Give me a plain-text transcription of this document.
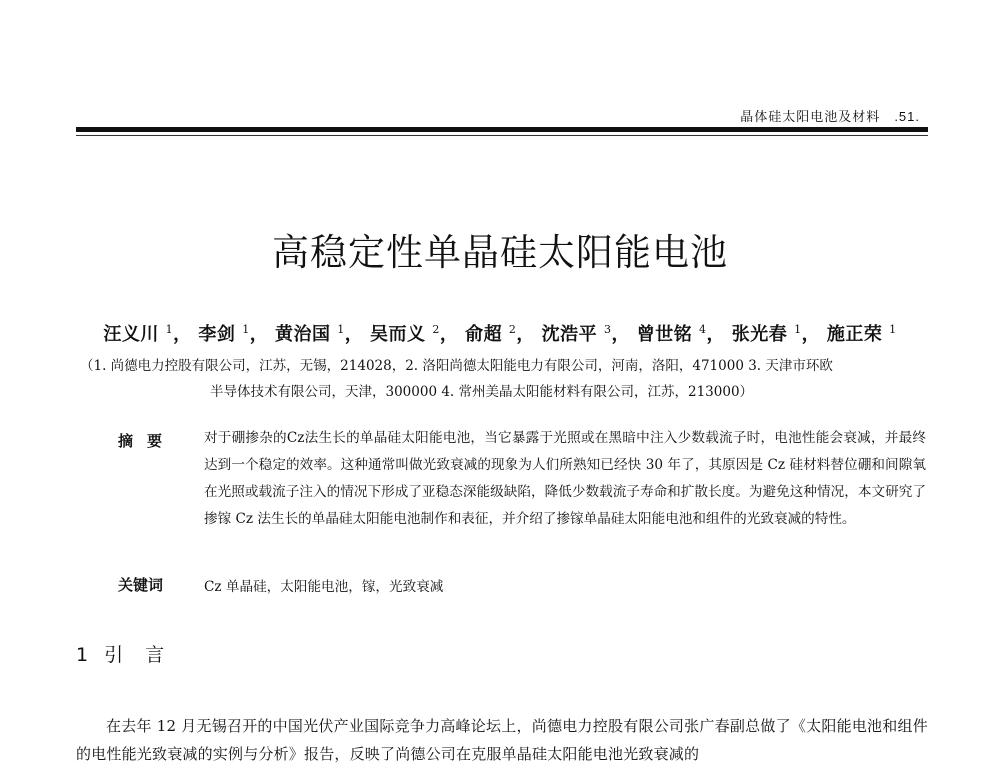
晶体硅太阳电池及材料 .51.
高稳定性单晶硅太阳能电池
汪义川 $^1$， 李剑 $^1$， 黄治国 $^1$， 吴而义 $^2$， 俞超 $^2$， 沈浩平 $^3$， 曾世铭 $^4$， 张光春 $^1$， 施正荣 $^1$
（1. 尚德电力控股有限公司，江苏，无锡，214028，2. 洛阳尚德太阳能电力有限公司，河南，洛阳，471000 3. 天津市环欧
半导体技术有限公司，天津，300000 4. 常州美晶太阳能材料有限公司，江苏，213000）
摘要 对于硼掺杂的Cz法生长的单晶硅太阳能电池，当它暴露于光照或在黑暗中注入少数载流子时，电池性能会衰减，并最终达到一个稳定的效率。这种通常叫做光致衰减的现象为人们所熟知已经快 30 年了，其原因是 Cz 硅材料替位硼和间隙氧在光照或载流子注入的情况下形成了亚稳态深能级缺陷，降低少数载流子寿命和扩散长度。为避免这种情况，本文研究了掺镓 Cz 法生长的单晶硅太阳能电池制作和表征，并介绍了掺镓单晶硅太阳能电池和组件的光致衰减的特性。
关键词	Cz 单晶硅，太阳能电池，镓，光致衰减
1 引言
在去年 12 月无锡召开的中国光伏产业国际竞争力高峰论坛上，尚德电力控股有限公司张广春副总做了《太阳能电池和组件的电性能光致衰减的实例与分析》报告，反映了尚德公司在克服单晶硅太阳能电池光致衰减的
